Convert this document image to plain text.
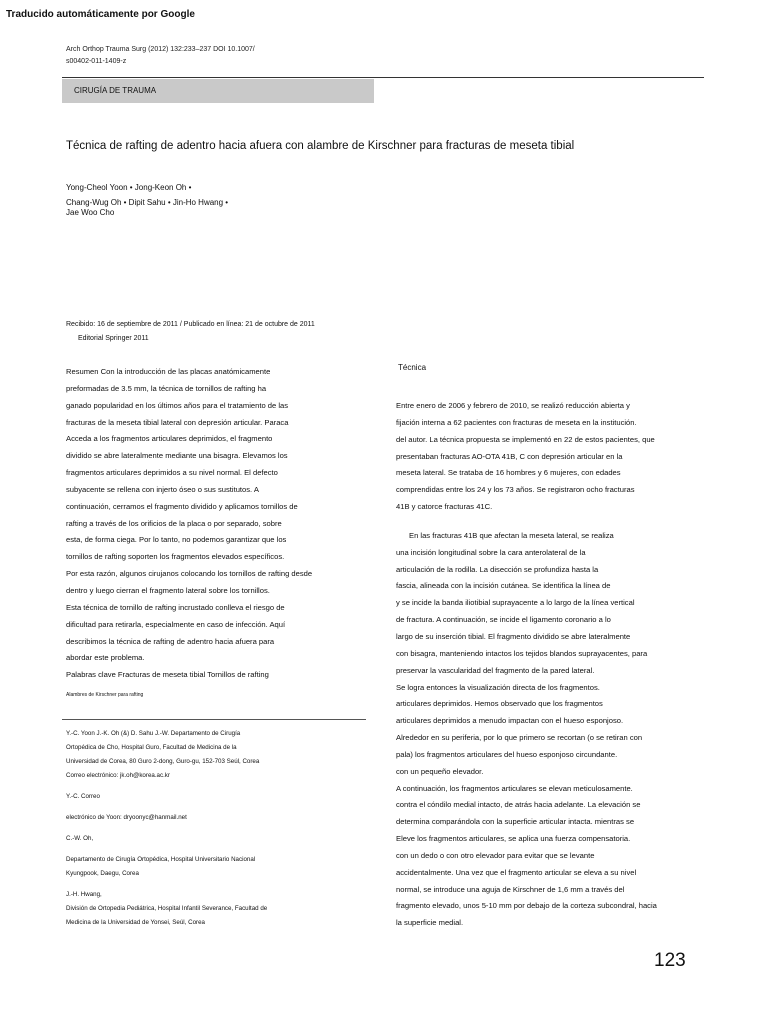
Traducido automáticamente por Google
Arch Orthop Trauma Surg (2012) 132:233–237 DOI 10.1007/
s00402-011-1409-z
CIRUGÍA DE TRAUMA
Técnica de rafting de adentro hacia afuera con alambre de Kirschner para fracturas de meseta tibial
Yong-Cheol Yoon • Jong-Keon Oh •
Chang-Wug Oh • Dipit Sahu • Jin-Ho Hwang •
Jae Woo Cho
Recibido: 16 de septiembre de 2011 / Publicado en línea: 21 de octubre de 2011
Editorial Springer 2011
Resumen Con la introducción de las placas anatómicamente
preformadas de 3.5 mm, la técnica de tornillos de rafting ha
ganado popularidad en los últimos años para el tratamiento de las
fracturas de la meseta tibial lateral con depresión articular. Paraca
Acceda a los fragmentos articulares deprimidos, el fragmento
dividido se abre lateralmente mediante una bisagra. Elevamos los
fragmentos articulares deprimidos a su nivel normal. El defecto
subyacente se rellena con injerto óseo o sus sustitutos. A
continuación, cerramos el fragmento dividido y aplicamos tornillos de
rafting a través de los orificios de la placa o por separado, sobre
esta, de forma ciega. Por lo tanto, no podemos garantizar que los
tornillos de rafting soporten los fragmentos elevados específicos.
Por esta razón, algunos cirujanos colocando los tornillos de rafting desde
dentro y luego cierran el fragmento lateral sobre los tornillos.
Esta técnica de tornillo de rafting incrustado conlleva el riesgo de
dificultad para retirarla, especialmente en caso de infección. Aquí
describimos la técnica de rafting de adentro hacia afuera para
abordar este problema.
Palabras clave Fracturas de meseta tibial Tornillos de rafting
Alambres de Kirschner para rafting
Y.-C. Yoon J.-K. Oh (&) D. Sahu J.-W. Departamento de Cirugía
Ortopédica de Cho, Hospital Guro, Facultad de Medicina de la
Universidad de Corea, 80 Guro 2-dong, Guro-gu, 152-703 Seúl, Corea
Correo electrónico: jk.oh@korea.ac.kr
Y.-C. Correo
electrónico de Yoon: dryoonyc@hanmail.net
C.-W. Oh,
Departamento de Cirugía Ortopédica, Hospital Universitario Nacional
Kyungpook, Daegu, Corea
J.-H. Hwang,
División de Ortopedia Pediátrica, Hospital Infantil Severance, Facultad de
Medicina de la Universidad de Yonsei, Seúl, Corea
Técnica
Entre enero de 2006 y febrero de 2010, se realizó reducción abierta y
fijación interna a 62 pacientes con fracturas de meseta en la institución.
del autor. La técnica propuesta se implementó en 22 de estos pacientes, que
presentaban fracturas AO-OTA 41B, C con depresión articular en la
meseta lateral. Se trataba de 16 hombres y 6 mujeres, con edades
comprendidas entre los 24 y los 73 años. Se registraron ocho fracturas
41B y catorce fracturas 41C.
En las fracturas 41B que afectan la meseta lateral, se realiza
una incisión longitudinal sobre la cara anterolateral de la
articulación de la rodilla. La disección se profundiza hasta la
fascia, alineada con la incisión cutánea. Se identifica la línea de
y se incide la banda iliotibial suprayacente a lo largo de la línea vertical
de fractura. A continuación, se incide el ligamento coronario a lo
largo de su inserción tibial. El fragmento dividido se abre lateralmente
con bisagra, manteniendo intactos los tejidos blandos suprayacentes, para
preservar la vascularidad del fragmento de la pared lateral.
Se logra entonces la visualización directa de los fragmentos.
articulares deprimidos. Hemos observado que los fragmentos
articulares deprimidos a menudo impactan con el hueso esponjoso.
Alrededor en su periferia, por lo que primero se recortan (o se retiran con
pala) los fragmentos articulares del hueso esponjoso circundante.
con un pequeño elevador.
A continuación, los fragmentos articulares se elevan meticulosamente.
contra el cóndilo medial intacto, de atrás hacia adelante. La elevación se
determina comparándola con la superficie articular intacta. mientras se
Eleve los fragmentos articulares, se aplica una fuerza compensatoria.
con un dedo o con otro elevador para evitar que se levante
accidentalmente. Una vez que el fragmento articular se eleva a su nivel
normal, se introduce una aguja de Kirschner de 1,6 mm a través del
fragmento elevado, unos 5-10 mm por debajo de la corteza subcondral, hacia
la superficie medial.
123
